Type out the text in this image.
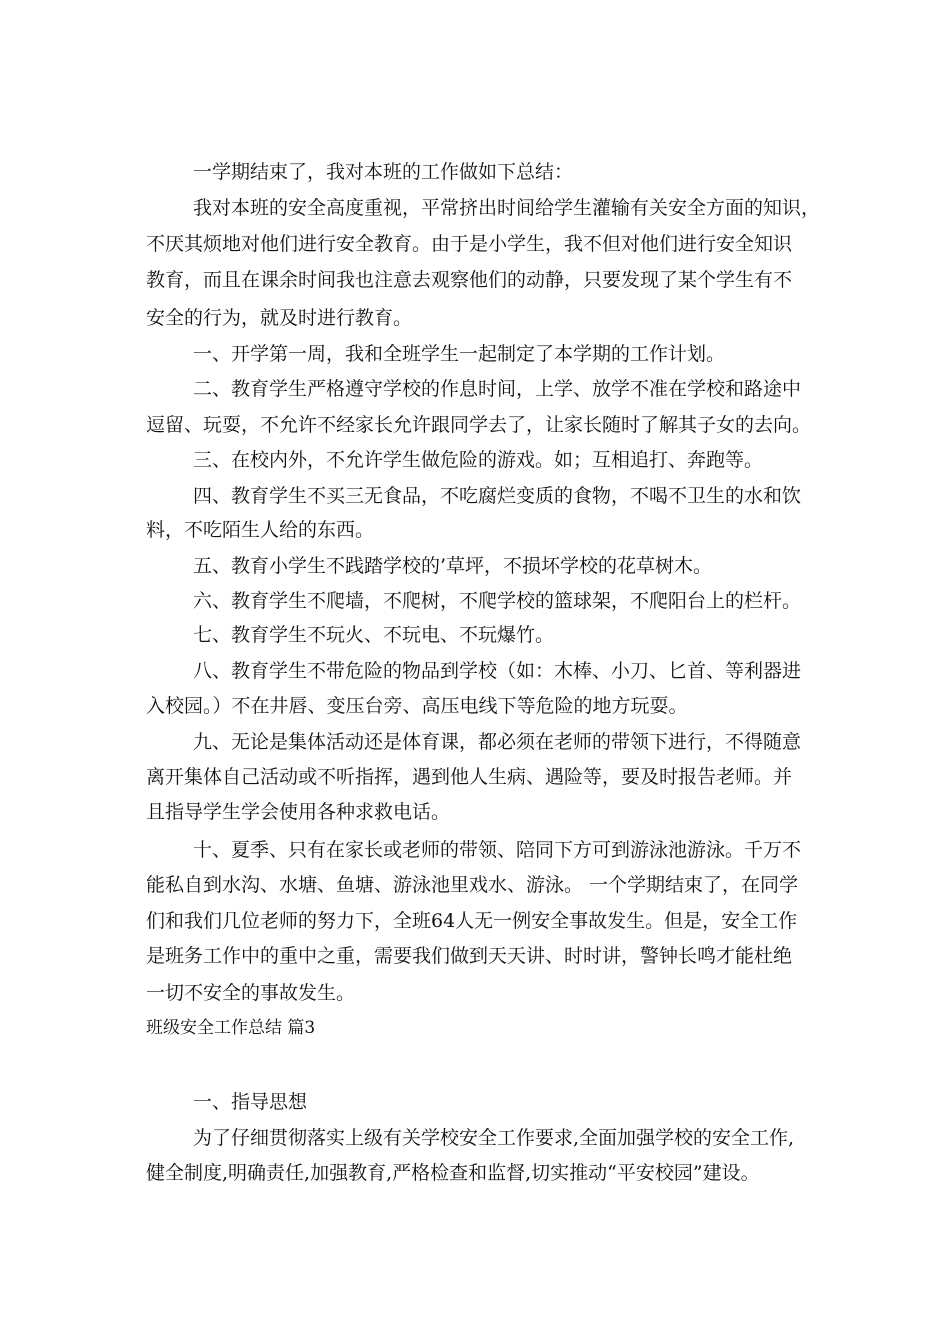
一学期结束了，我对本班的工作做如下总结：
我对本班的安全高度重视，平常挤出时间给学生灌输有关安全方面的知识，
不厌其烦地对他们进行安全教育。由于是小学生，我不但对他们进行安全知识
教育，而且在课余时间我也注意去观察他们的动静，只要发现了某个学生有不
安全的行为，就及时进行教育。
一、开学第一周，我和全班学生一起制定了本学期的工作计划。
二、教育学生严格遵守学校的作息时间，上学、放学不准在学校和路途中
逗留、玩耍，不允许不经家长允许跟同学去了，让家长随时了解其子女的去向。
三、在校内外，不允许学生做危险的游戏。如；互相追打、奔跑等。
四、教育学生不买三无食品，不吃腐烂变质的食物，不喝不卫生的水和饮
料，不吃陌生人给的东西。
五、教育小学生不践踏学校的’草坪，不损坏学校的花草树木。
六、教育学生不爬墙，不爬树，不爬学校的篮球架，不爬阳台上的栏杆。
七、教育学生不玩火、不玩电、不玩爆竹。
八、教育学生不带危险的物品到学校（如：木棒、小刀、匕首、等利器进
入校园。）不在井唇、变压台旁、高压电线下等危险的地方玩耍。
九、无论是集体活动还是体育课，都必须在老师的带领下进行，不得随意
离开集体自己活动或不听指挥，遇到他人生病、遇险等，要及时报告老师。并
且指导学生学会使用各种求救电话。
十、夏季、只有在家长或老师的带领、陪同下方可到游泳池游泳。千万不
能私自到水沟、水塘、鱼塘、游泳池里戏水、游泳。 一个学期结束了，在同学
们和我们几位老师的努力下，全班64人无一例安全事故发生。但是，安全工作
是班务工作中的重中之重，需要我们做到天天讲、时时讲，警钟长鸣才能杜绝
一切不安全的事故发生。
班级安全工作总结 篇3
一、指导思想
为了仔细贯彻落实上级有关学校安全工作要求,全面加强学校的安全工作,
健全制度,明确责任,加强教育,严格检查和监督,切实推动“平安校园”建设。
